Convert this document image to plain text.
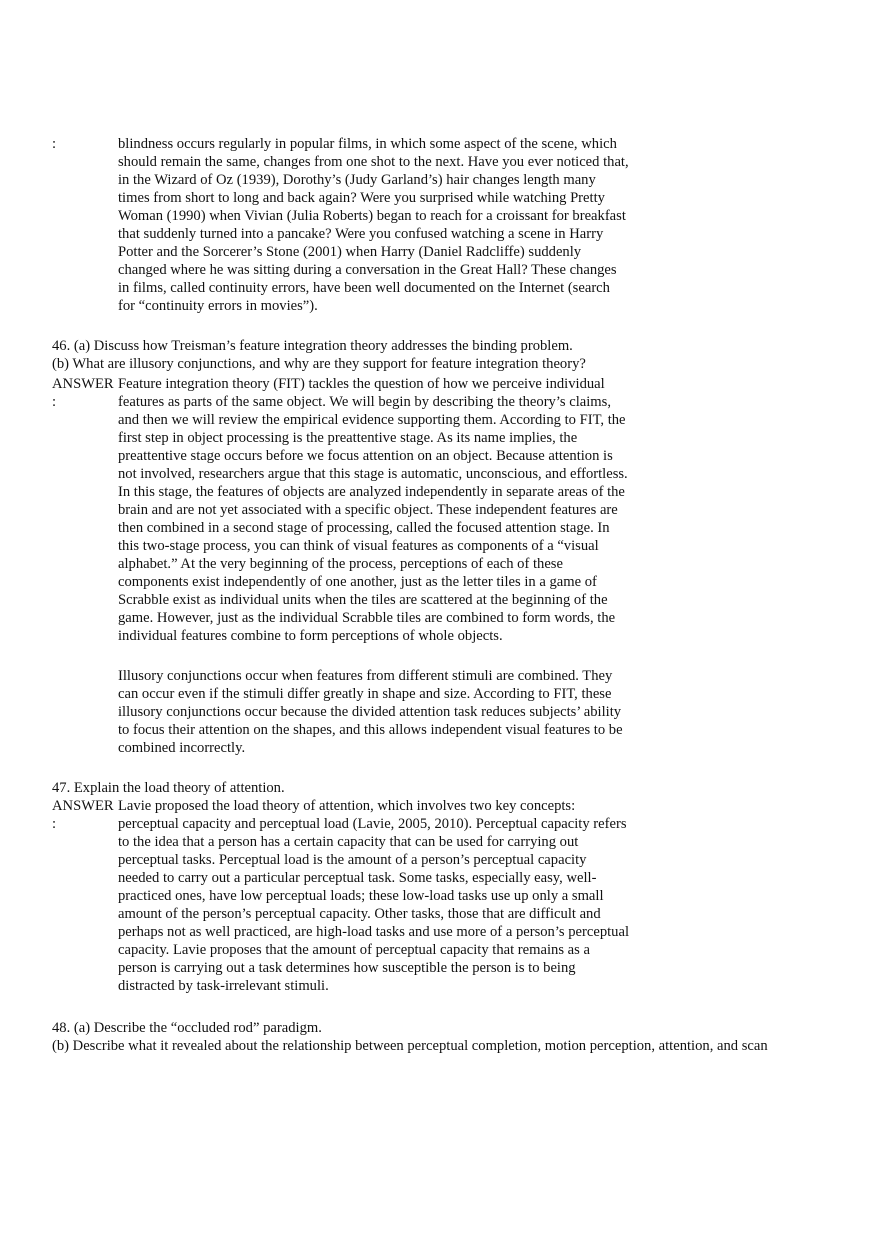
:	blindness occurs regularly in popular films, in which some aspect of the scene, which
should remain the same, changes from one shot to the next. Have you ever noticed that,
in the Wizard of Oz (1939), Dorothy’s (Judy Garland’s) hair changes length many
times from short to long and back again? Were you surprised while watching Pretty
Woman (1990) when Vivian (Julia Roberts) began to reach for a croissant for breakfast
that suddenly turned into a pancake? Were you confused watching a scene in Harry
Potter and the Sorcerer’s Stone (2001) when Harry (Daniel Radcliffe) suddenly
changed where he was sitting during a conversation in the Great Hall? These changes
in films, called continuity errors, have been well documented on the Internet (search
for “continuity errors in movies”).
46. (a) Discuss how Treisman’s feature integration theory addresses the binding problem.
(b) What are illusory conjunctions, and why are they support for feature integration theory?
ANSWER
:
Feature integration theory (FIT) tackles the question of how we perceive individual
features as parts of the same object. We will begin by describing the theory’s claims,
and then we will review the empirical evidence supporting them. According to FIT, the
first step in object processing is the preattentive stage. As its name implies, the
preattentive stage occurs before we focus attention on an object. Because attention is
not involved, researchers argue that this stage is automatic, unconscious, and effortless.
In this stage, the features of objects are analyzed independently in separate areas of the
brain and are not yet associated with a specific object. These independent features are
then combined in a second stage of processing, called the focused attention stage. In
this two-stage process, you can think of visual features as components of a “visual
alphabet.” At the very beginning of the process, perceptions of each of these
components exist independently of one another, just as the letter tiles in a game of
Scrabble exist as individual units when the tiles are scattered at the beginning of the
game. However, just as the individual Scrabble tiles are combined to form words, the
individual features combine to form perceptions of whole objects.
Illusory conjunctions occur when features from different stimuli are combined. They
can occur even if the stimuli differ greatly in shape and size. According to FIT, these
illusory conjunctions occur because the divided attention task reduces subjects’ ability
to focus their attention on the shapes, and this allows independent visual features to be
combined incorrectly.
47. Explain the load theory of attention.
ANSWER
:
Lavie proposed the load theory of attention, which involves two key concepts:
perceptual capacity and perceptual load (Lavie, 2005, 2010). Perceptual capacity refers
to the idea that a person has a certain capacity that can be used for carrying out
perceptual tasks. Perceptual load is the amount of a person’s perceptual capacity
needed to carry out a particular perceptual task. Some tasks, especially easy, well-
practiced ones, have low perceptual loads; these low-load tasks use up only a small
amount of the person’s perceptual capacity. Other tasks, those that are difficult and
perhaps not as well practiced, are high-load tasks and use more of a person’s perceptual
capacity. Lavie proposes that the amount of perceptual capacity that remains as a
person is carrying out a task determines how susceptible the person is to being
distracted by task-irrelevant stimuli.
48. (a) Describe the “occluded rod” paradigm.
(b) Describe what it revealed about the relationship between perceptual completion, motion perception, attention, and scan
